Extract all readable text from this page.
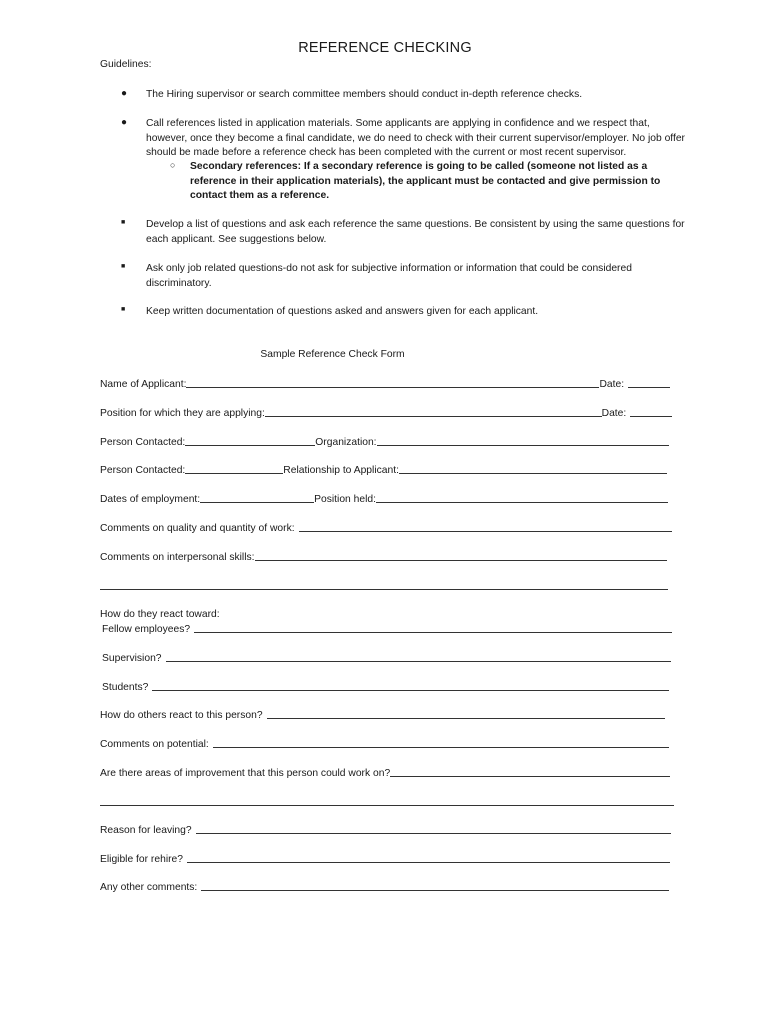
REFERENCE CHECKING
Guidelines:
● The Hiring supervisor or search committee members should conduct in-depth reference checks.
● Call references listed in application materials. Some applicants are applying in confidence and we respect that, however, once they become a final candidate, we do need to check with their current supervisor/employer. No job offer should be made before a reference check has been completed with the current or most recent supervisor.
○ Secondary references: If a secondary reference is going to be called (someone not listed as a reference in their application materials), the applicant must be contacted and give permission to contact them as a reference.
■ Develop a list of questions and ask each reference the same questions. Be consistent by using the same questions for each applicant. See suggestions below.
■ Ask only job related questions-do not ask for subjective information or information that could be considered discriminatory.
■ Keep written documentation of questions asked and answers given for each applicant.
Sample Reference Check Form
Name of Applicant:	Date:
Position for which they are applying:	Date:
Person Contacted:	Organization:
Person Contacted:	Relationship to Applicant:
Dates of employment:	Position held:
Comments on quality and quantity of work:
Comments on interpersonal skills:
How do they react toward:
Fellow employees?
Supervision?
Students?
How do others react to this person?
Comments on potential:
Are there areas of improvement that this person could work on?
Reason for leaving?
Eligible for rehire?
Any other comments:
